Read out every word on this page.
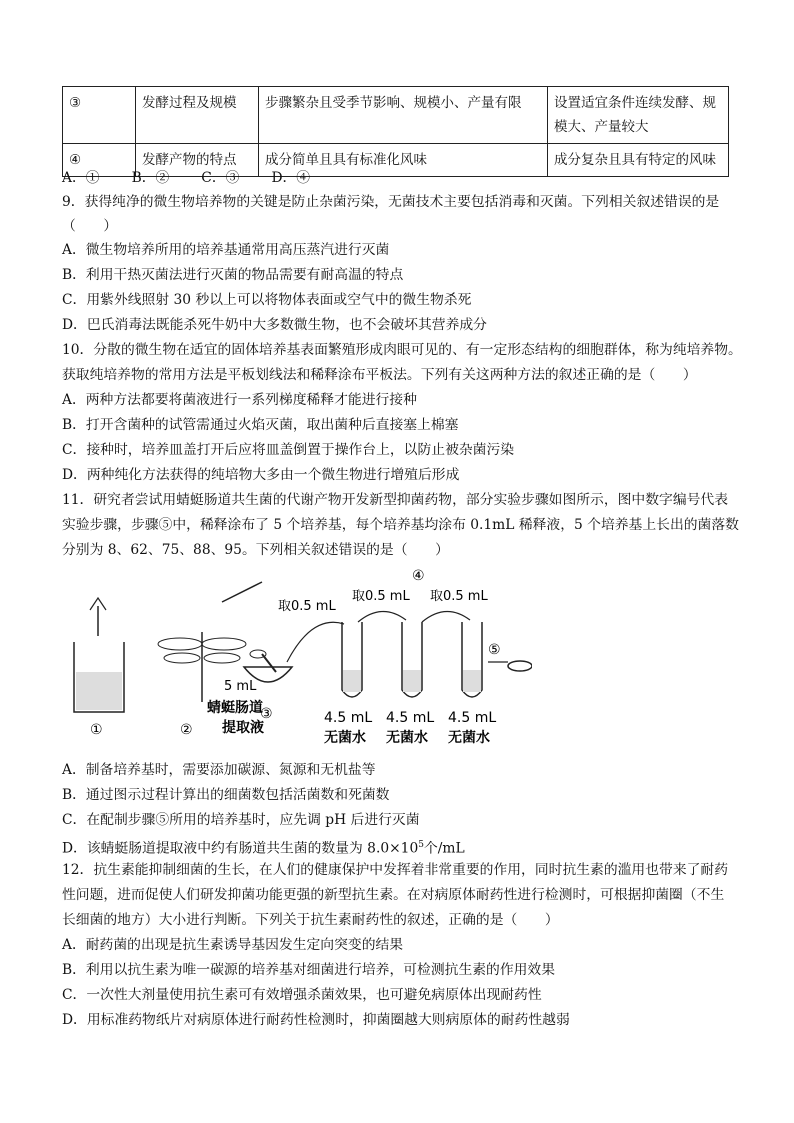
③	发酵过程及规模	步骤繁杂且受季节影响、规模小、产量有限	设置适宜条件连续发酵、规模大、产量较大
④	发酵产物的特点	成分简单且具有标准化风味	成分复杂且具有特定的风味
A．① B．② C．③ D．④
9．获得纯净的微生物培养物的关键是防止杂菌污染，无菌技术主要包括消毒和灭菌。下列相关叙述错误的是
（　　）
A．微生物培养所用的培养基通常用高压蒸汽进行灭菌
B．利用干热灭菌法进行灭菌的物品需要有耐高温的特点
C．用紫外线照射 30 秒以上可以将物体表面或空气中的微生物杀死
D．巴氏消毒法既能杀死牛奶中大多数微生物，也不会破坏其营养成分
10．分散的微生物在适宜的固体培养基表面繁殖形成肉眼可见的、有一定形态结构的细胞群体，称为纯培养物。
获取纯培养物的常用方法是平板划线法和稀释涂布平板法。下列有关这两种方法的叙述正确的是（　　）
A．两种方法都要将菌液进行一系列梯度稀释才能进行接种
B．打开含菌种的试管需通过火焰灭菌，取出菌种后直接塞上棉塞
C．接种时，培养皿盖打开后应将皿盖倒置于操作台上，以防止被杂菌污染
D．两种纯化方法获得的纯培物大多由一个微生物进行增殖后形成
11．研究者尝试用蜻蜓肠道共生菌的代谢产物开发新型抑菌药物，部分实验步骤如图所示，图中数字编号代表
实验步骤，步骤⑤中，稀释涂布了 5 个培养基，每个培养基均涂布 0.1mL 稀释液，5 个培养基上长出的菌落数
分别为 8、62、75、88、95。下列相关叙述错误的是（　　）
④
取0.5 mL
取0.5 mL 取0.5 mL
①	②
5 mL
蜻蜓肠道
提取液
③	4.5 mL 4.5 mL 4.5 mL
无菌水 无菌水 无菌水
⑤
A．制备培养基时，需要添加碳源、氮源和无机盐等
B．通过图示过程计算出的细菌数包括活菌数和死菌数
C．在配制步骤⑤所用的培养基时，应先调 pH 后进行灭菌
D．该蜻蜓肠道提取液中约有肠道共生菌的数量为 $8.0\times 10^5$个/mL
12．抗生素能抑制细菌的生长，在人们的健康保护中发挥着非常重要的作用，同时抗生素的滥用也带来了耐药
性问题，进而促使人们研发抑菌功能更强的新型抗生素。在对病原体耐药性进行检测时，可根据抑菌圈（不生
长细菌的地方）大小进行判断。下列关于抗生素耐药性的叙述，正确的是（　　）
A．耐药菌的出现是抗生素诱导基因发生定向突变的结果
B．利用以抗生素为唯一碳源的培养基对细菌进行培养，可检测抗生素的作用效果
C．一次性大剂量使用抗生素可有效增强杀菌效果，也可避免病原体出现耐药性
D．用标准药物纸片对病原体进行耐药性检测时，抑菌圈越大则病原体的耐药性越弱
